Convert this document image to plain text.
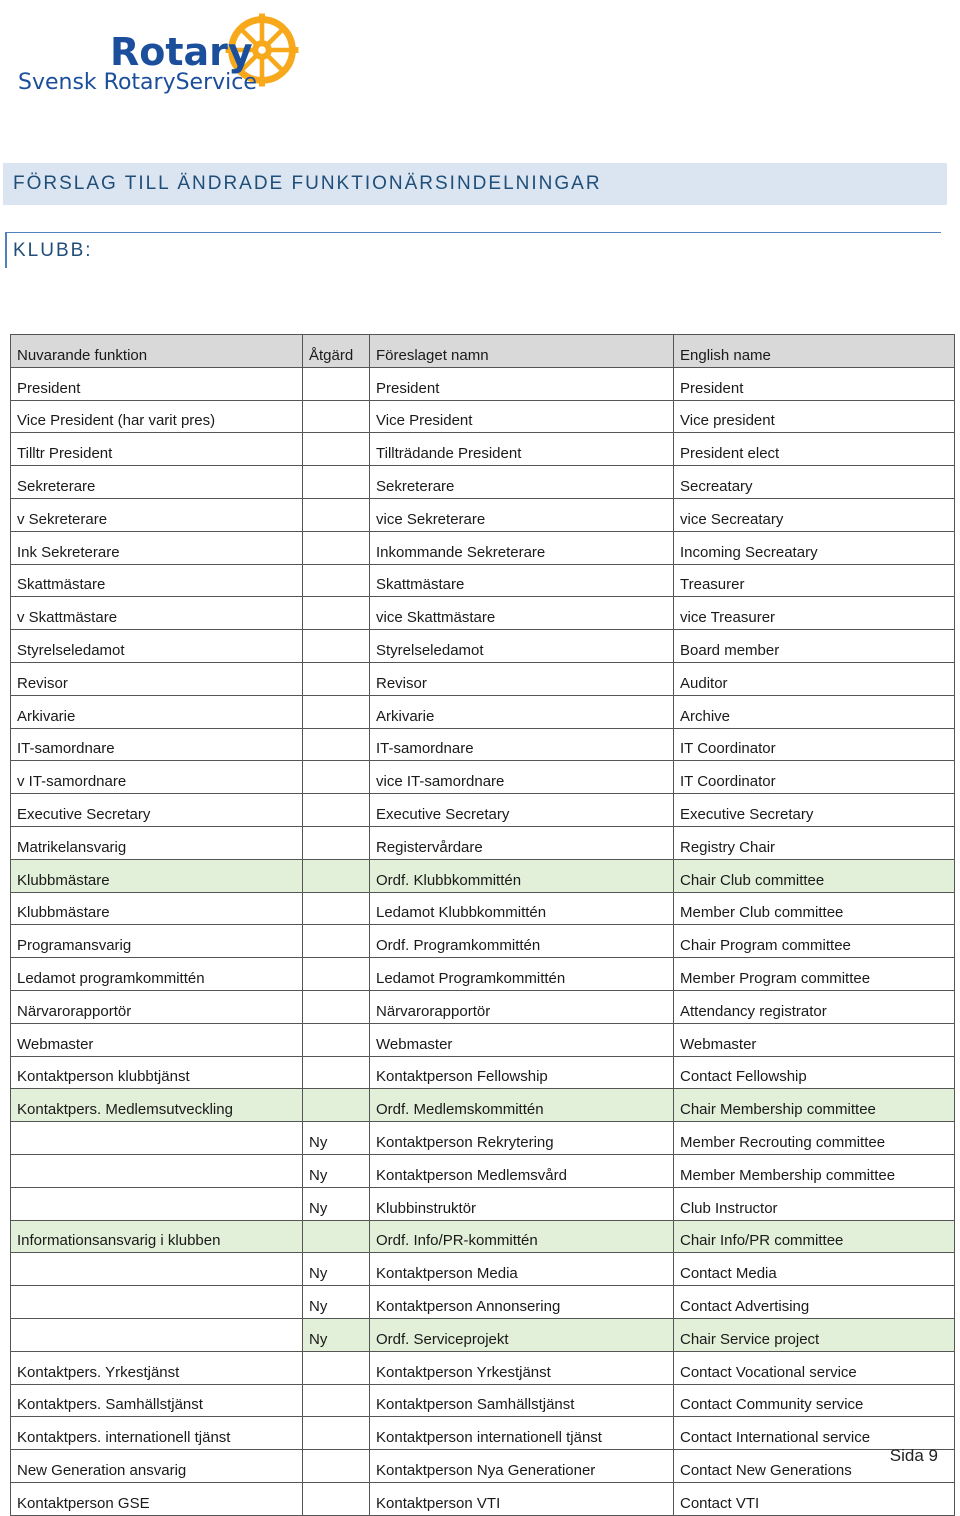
Rotary
Svensk RotaryService
FÖRSLAG TILL ÄNDRADE FUNKTIONÄRSINDELNINGAR
KLUBB:
Nuvarande funktion	Åtgärd	Föreslaget namn	English name
President		President	President
Vice President (har varit pres)		Vice President	Vice president
Tilltr President		Tillträdande President	President elect
Sekreterare		Sekreterare	Secreatary
v Sekreterare		vice Sekreterare	vice Secreatary
Ink Sekreterare		Inkommande Sekreterare	Incoming Secreatary
Skattmästare		Skattmästare	Treasurer
v Skattmästare		vice Skattmästare	vice Treasurer
Styrelseledamot		Styrelseledamot	Board member
Revisor		Revisor	Auditor
Arkivarie		Arkivarie	Archive
IT-samordnare		IT-samordnare	IT Coordinator
v IT-samordnare		vice IT-samordnare	IT Coordinator
Executive Secretary		Executive Secretary	Executive Secretary
Matrikelansvarig		Registervårdare	Registry Chair
Klubbmästare		Ordf. Klubbkommittén	Chair Club committee
Klubbmästare		Ledamot Klubbkommittén	Member Club committee
Programansvarig		Ordf. Programkommittén	Chair Program committee
Ledamot programkommittén		Ledamot Programkommittén	Member Program committee
Närvarorapportör		Närvarorapportör	Attendancy registrator
Webmaster		Webmaster	Webmaster
Kontaktperson klubbtjänst		Kontaktperson Fellowship	Contact Fellowship
Kontaktpers. Medlemsutveckling		Ordf. Medlemskommittén	Chair Membership committee
	Ny	Kontaktperson Rekrytering	Member Recrouting committee
	Ny	Kontaktperson Medlemsvård	Member Membership committee
	Ny	Klubbinstruktör	Club Instructor
Informationsansvarig i klubben		Ordf. Info/PR-kommittén	Chair Info/PR committee
	Ny	Kontaktperson Media	Contact Media
	Ny	Kontaktperson Annonsering	Contact Advertising
	Ny	Ordf. Serviceprojekt	Chair Service project
Kontaktpers. Yrkestjänst		Kontaktperson Yrkestjänst	Contact Vocational service
Kontaktpers. Samhällstjänst		Kontaktperson Samhällstjänst	Contact Community service
Kontaktpers. internationell tjänst		Kontaktperson internationell tjänst	Contact International service
New Generation ansvarig		Kontaktperson Nya Generationer	Contact New Generations
Kontaktperson GSE		Kontaktperson VTI	Contact VTI
Sida 9
